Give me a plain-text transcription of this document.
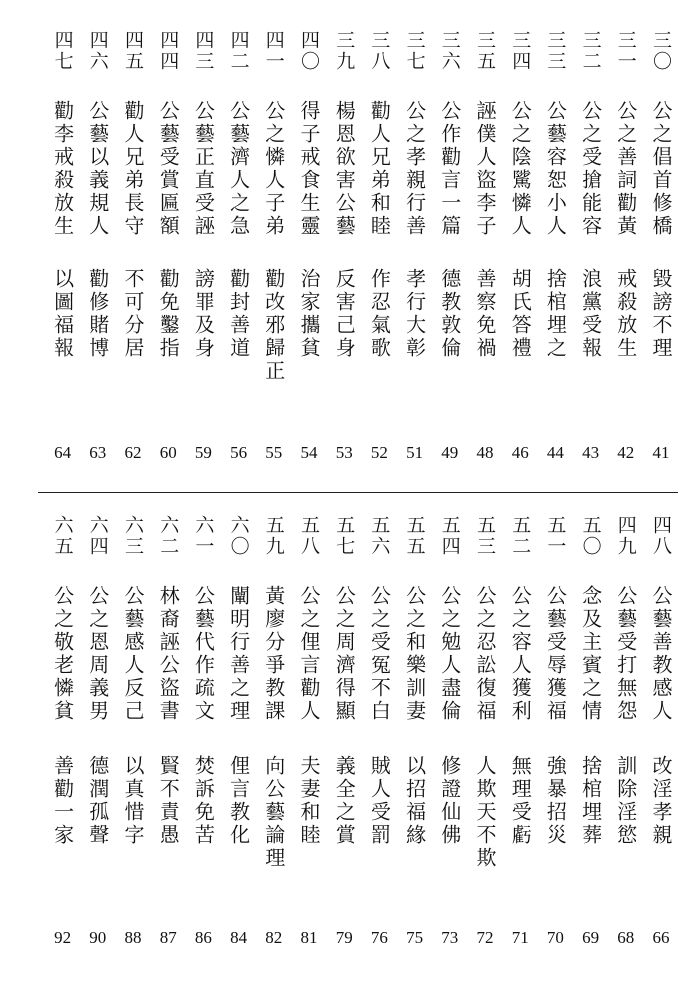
三〇
三一
三二
三三
三四
三五
三六
三七
三八
三九
四〇
四一
四二
四三
四四
四五
四六
四七
公之倡首修橋
公之善詞勸黃
公之受搶能容
公藝容恕小人
公之陰騭憐人
誣僕人盜李子
公作勸言一篇
公之孝親行善
勸人兄弟和睦
楊恩欲害公藝
得子戒食生靈
公之憐人子弟
公藝濟人之急
公藝正直受誣
公藝受賞匾額
勸人兄弟長守
公藝以義規人
勸李戒殺放生
毀謗不理
戒殺放生
浪黨受報
捨棺埋之
胡氏答禮
善察免禍
德教敦倫
孝行大彰
作忍氣歌
反害己身
治家攜貧
勸改邪歸正
勸封善道
謗罪及身
勸免鑿指
不可分居
勸修賭博
以圖福報
41
42
43
44
46
48
49
51
52
53
54
55
56
59
60
62
63
64
四八
四九
五〇
五一
五二
五三
五四
五五
五六
五七
五八
五九
六〇
六一
六二
六三
六四
六五
公藝善教感人
公藝受打無怨
念及主賓之情
公藝受辱獲福
公之容人獲利
公之忍訟復福
公之勉人盡倫
公之和樂訓妻
公之受冤不白
公之周濟得顯
公之俚言勸人
黃廖分爭教課
闡明行善之理
公藝代作疏文
林裔誣公盜書
公藝感人反己
公之恩周義男
公之敬老憐貧
改淫孝親
訓除淫慾
捨棺埋葬
強暴招災
無理受虧
人欺天不欺
修證仙佛
以招福緣
賊人受罰
義全之賞
夫妻和睦
向公藝論理
俚言教化
焚訴免苦
賢不責愚
以真惜字
德潤孤聲
善勸一家
66
68
69
70
71
72
73
75
76
79
81
82
84
86
87
88
90
92
